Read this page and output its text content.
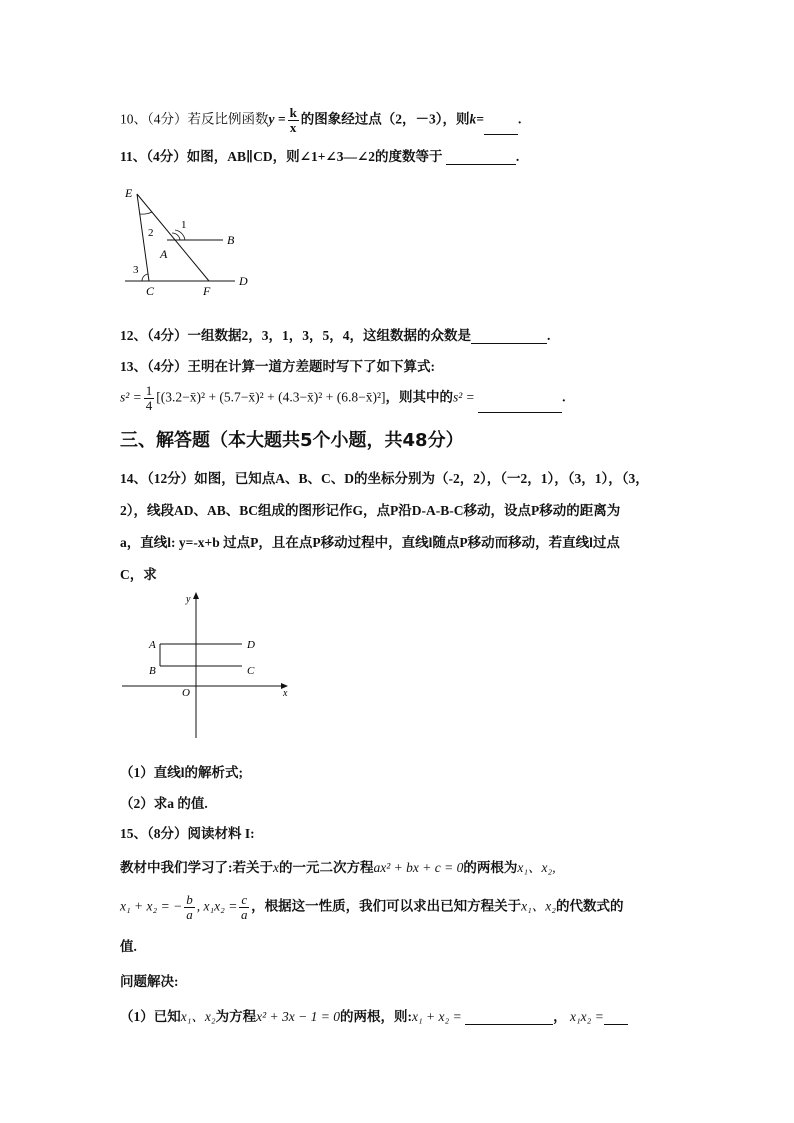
10、（4分）若反比例函数$y = \frac{k}{x}$ 的图象经过点（2，－3），则k=	.
11、（4分）如图，AB∥CD，则∠1+∠3—∠2的度数等于	.
E
1
2	B
A
3
C	F
D
12、（4分）一组数据2，3，1，3，5，4，这组数据的众数是	.
13、（4分）王明在计算一道方差题时写下了如下算式:
$s^2 = \frac{1}{4}$ [(3.2−x̄)² + (5.7−x̄)² + (4.3−x̄)² + (6.8−x̄)²]，则其中的s² =	.
三、解答题（本大题共5个小题，共48分）
14、（12分）如图，已知点A、B、C、D的坐标分别为（-2，2），（一2，1），（3，1），（3，
2），线段AD、AB、BC组成的图形记作G，点P沿D-A-B-C移动，设点P移动的距离为
a，直线l: y=-x+b 过点P，且在点P移动过程中，直线l随点P移动而移动，若直线l过点
C，求
y
x
A	D
B	C
O
（1）直线l的解析式;
（2）求a 的值.
15、（8分）阅读材料 I:
教材中我们学习了:若关于x的一元二次方程ax² + bx + c = 0的两根为x₁、x₂,
x₁ + x₂ = − $\frac{b}{a}$ , $x_1x_2 = \frac{c}{a}$ ，根据这一性质，我们可以求出已知方程关于x₁、x₂的代数式的
值.
问题解决:
（1）已知x₁、x₂为方程x² + 3x − 1 = 0的两根，则:x₁ + x₂ =	， x₁x₂ =
